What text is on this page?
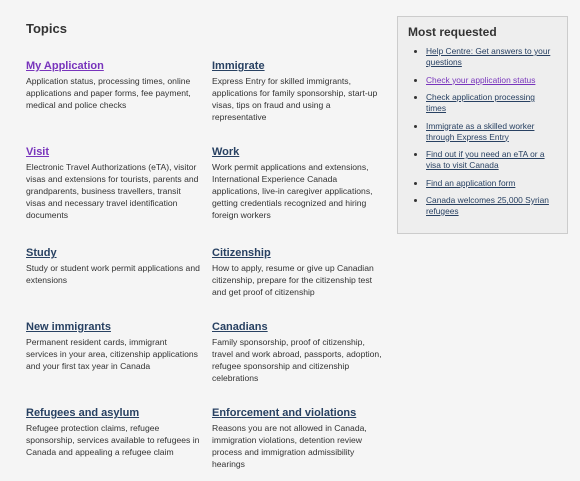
Topics
My Application

Application status, processing times, online applications and paper forms, fee payment, medical and police checks

Immigrate

Express Entry for skilled immigrants, applications for family sponsorship, start-up visas, tips on fraud and using a representative

Visit

Electronic Travel Authorizations (eTA), visitor visas and extensions for tourists, parents and grandparents, business travellers, transit visas and necessary travel identification documents

Work

Work permit applications and extensions, International Experience Canada applications, live-in caregiver applications, getting credentials recognized and hiring foreign workers

Study

Study or student work permit applications and extensions

Citizenship

How to apply, resume or give up Canadian citizenship, prepare for the citizenship test and get proof of citizenship

New immigrants

Permanent resident cards, immigrant services in your area, citizenship applications and your first tax year in Canada

Canadians

Family sponsorship, proof of citizenship, travel and work abroad, passports, adoption, refugee sponsorship and citizenship celebrations

Refugees and asylum

Refugee protection claims, refugee sponsorship, services available to refugees in Canada and appealing a refugee claim

Enforcement and violations

Reasons you are not allowed in Canada, immigration violations, detention review process and immigration admissibility hearings

Most requested
• Help Centre: Get answers to your questions
• Check your application status
• Check application processing times
• Immigrate as a skilled worker through Express Entry
• Find out if you need an eTA or a visa to visit Canada
• Find an application form
• Canada welcomes 25,000 Syrian refugees
